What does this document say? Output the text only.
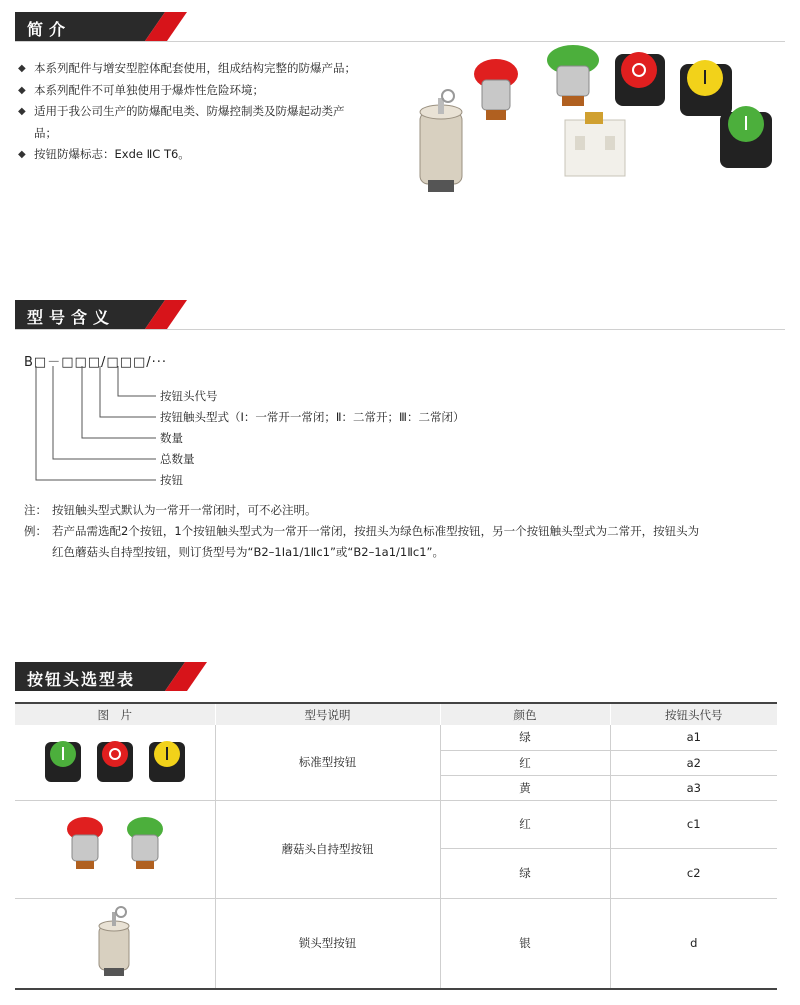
简介
◆ 本系列配件与增安型腔体配套使用，组成结构完整的防爆产品；
◆ 本系列配件不可单独使用于爆炸性危险环境；
◆ 适用于我公司生产的防爆配电类、防爆控制类及防爆起动类产品；
◆ 按钮防爆标志：Exde ⅡC T6。
型号含义
B□－□□□/□□□/···
按钮头代号
按钮触头型式（Ⅰ：一常开一常闭；Ⅱ：二常开；Ⅲ：二常闭）
数量
总数量
按钮
注： 按钮触头型式默认为一常开一常闭时，可不必注明。
例： 若产品需选配2个按钮，1个按钮触头型式为一常开一常闭，按扭头为绿色标准型按钮，另一个按钮触头型式为二常开，按钮头为
红色蘑菇头自持型按钮，则订货型号为“B2–1Ⅰa1/1Ⅱc1”或“B2–1a1/1Ⅱc1”。
按钮头选型表
图　片	型号说明	颜色	按钮头代号
	标准型按钮	绿	a1
		红	a2
		黄	a3
	蘑菇头自持型按钮	红	c1
		绿	c2
	锁头型按钮	银	d
